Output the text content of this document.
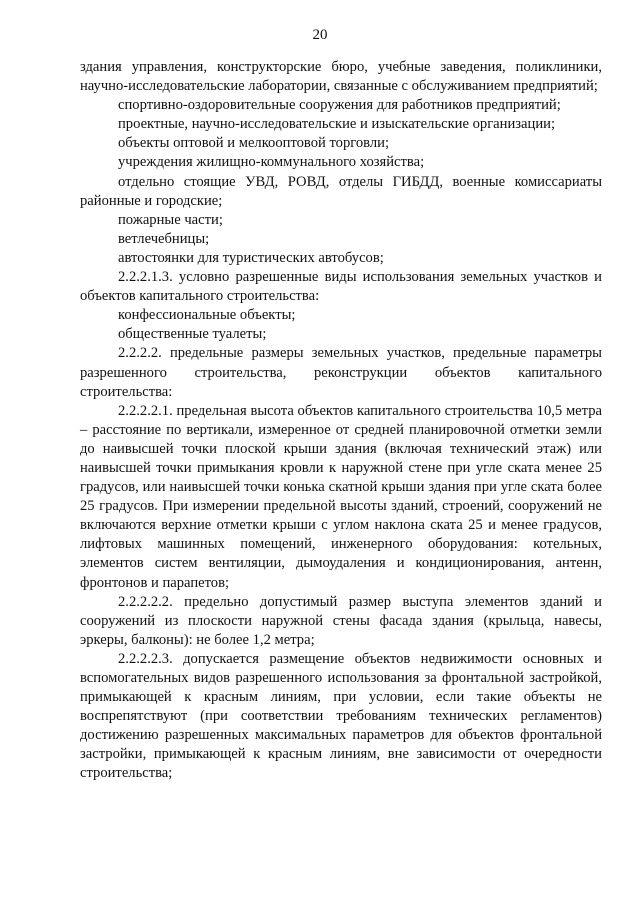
20

здания управления, конструкторские бюро, учебные заведения, поликлиники, научно-исследовательские лаборатории, связанные с обслуживанием предприятий;

спортивно-оздоровительные сооружения для работников предприятий;

проектные, научно-исследовательские и изыскательские организации;

объекты оптовой и мелкооптовой торговли;

учреждения жилищно-коммунального хозяйства;

отдельно стоящие УВД, РОВД, отделы ГИБДД, военные комиссариаты районные и городские;

пожарные части;

ветлечебницы;

автостоянки для туристических автобусов;

2.2.2.1.3. условно разрешенные виды использования земельных участков и объектов капитального строительства:

конфессиональные объекты;

общественные туалеты;

2.2.2.2. предельные размеры земельных участков, предельные параметры разрешенного строительства, реконструкции объектов капитального строительства:

2.2.2.2.1. предельная высота объектов капитального строительства 10,5 метра – расстояние по вертикали, измеренное от средней планировочной отметки земли до наивысшей точки плоской крыши здания (включая технический этаж) или наивысшей точки примыкания кровли к наружной стене при угле ската менее 25 градусов, или наивысшей точки конька скатной крыши здания при угле ската более 25 градусов. При измерении предельной высоты зданий, строений, сооружений не включаются верхние отметки крыши с углом наклона ската 25 и менее градусов, лифтовых машинных помещений, инженерного оборудования: котельных, элементов систем вентиляции, дымоудаления и кондиционирования, антенн, фронтонов и парапетов;

2.2.2.2.2. предельно допустимый размер выступа элементов зданий и сооружений из плоскости наружной стены фасада здания (крыльца, навесы, эркеры, балконы): не более 1,2 метра;

2.2.2.2.3. допускается размещение объектов недвижимости основных и вспомогательных видов разрешенного использования за фронтальной застройкой, примыкающей к красным линиям, при условии, если такие объекты не воспрепятствуют (при соответствии требованиям технических регламентов) достижению разрешенных максимальных параметров для объектов фронтальной застройки, примыкающей к красным линиям, вне зависимости от очередности строительства;
